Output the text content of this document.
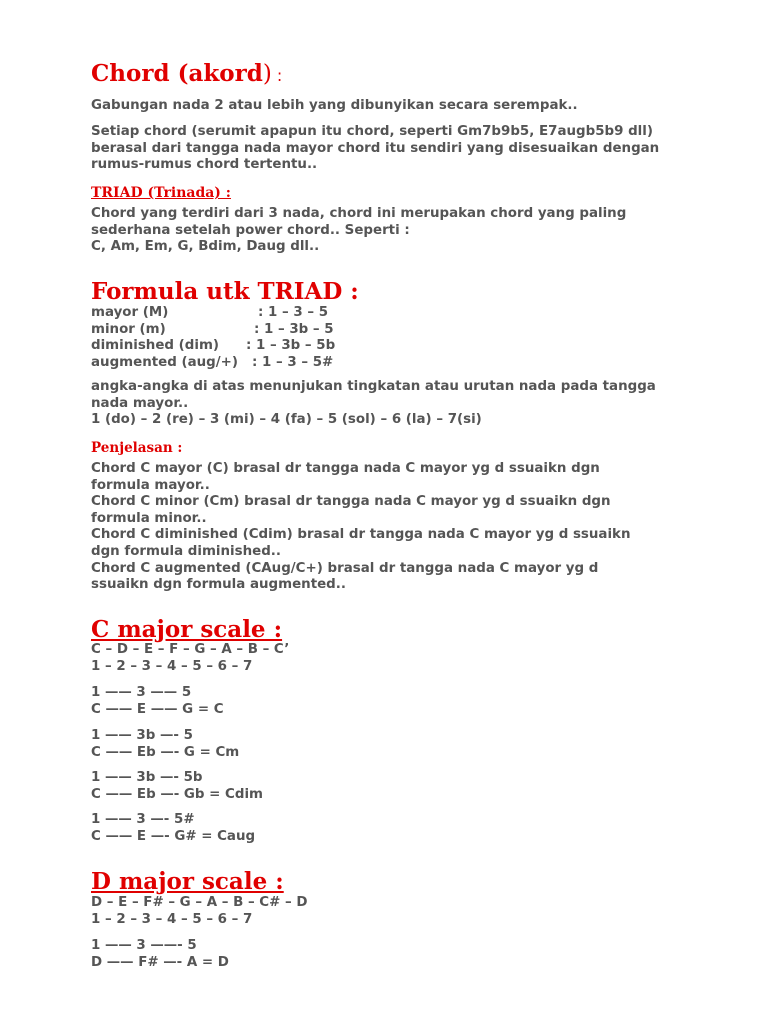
Chord (akord) :

Gabungan nada 2 atau lebih yang dibunyikan secara serempak..

Setiap chord (serumit apapun itu chord, seperti Gm7b9b5, E7augb5b9 dll)
berasal dari tangga nada mayor chord itu sendiri yang disesuaikan dengan
rumus-rumus chord tertentu..

TRIAD (Trinada) :

Chord yang terdiri dari 3 nada, chord ini merupakan chord yang paling
sederhana setelah power chord.. Seperti :
C, Am, Em, G, Bdim, Daug dll..

Formula utk TRIAD :

mayor (M)	: 1 – 3 – 5
minor (m)	: 1 – 3b – 5
diminished (dim)	: 1 – 3b – 5b
augmented (aug/+)	: 1 – 3 – 5#
angka-angka di atas menunjukan tingkatan atau urutan nada pada tangga
nada mayor..
1 (do) – 2 (re) – 3 (mi) – 4 (fa) – 5 (sol) – 6 (la) – 7(si)

Penjelasan :

Chord C mayor (C) brasal dr tangga nada C mayor yg d ssuaikn dgn
formula mayor..
Chord C minor (Cm) brasal dr tangga nada C mayor yg d ssuaikn dgn
formula minor..
Chord C diminished (Cdim) brasal dr tangga nada C mayor yg d ssuaikn
dgn formula diminished..
Chord C augmented (CAug/C+) brasal dr tangga nada C mayor yg d
ssuaikn dgn formula augmented..

C major scale :

C – D – E – F – G – A – B – C’
1 – 2 – 3 – 4 – 5 – 6 – 7
1 —— 3 —— 5
C —— E —— G = C
1 —— 3b —- 5
C —— Eb —- G = Cm
1 —— 3b —- 5b
C —— Eb —- Gb = Cdim
1 —— 3 —- 5#
C —— E —- G# = Caug

D major scale :

D – E – F# – G – A – B – C# – D
1 – 2 – 3 – 4 – 5 – 6 – 7
1 —— 3 ——- 5
D —— F# —- A = D
